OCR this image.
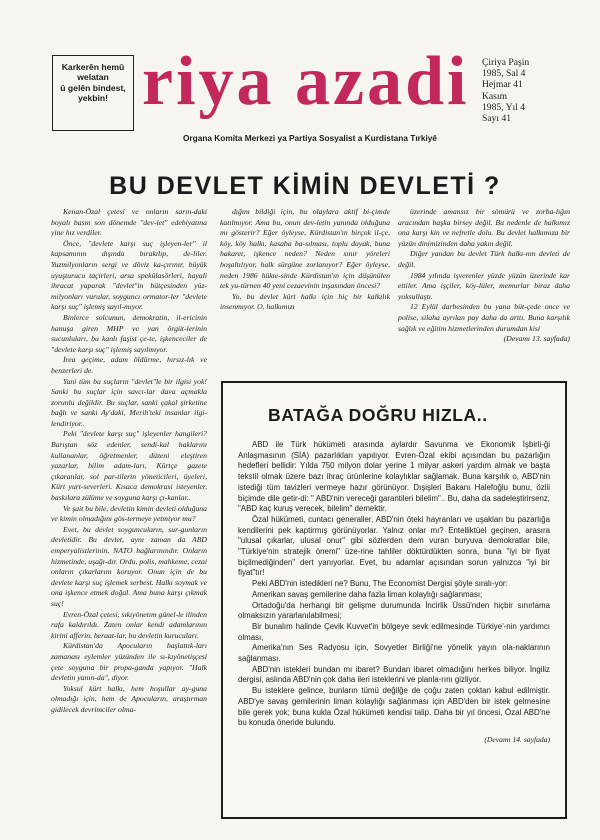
Karkerên hemû
welatan
û gelên bindest,
yekbin! riya azadi	Çiriya Paşin
1985, Sal 4
Hejmar 41
Kasım
1985, Yıl 4
Sayı 41
Organa Komita Merkezi ya Partiya Sosyalist a Kurdistana Tırkiyê
BU DEVLET KİMİN DEVLETİ ?

Kenan-Özal çetesi ve onların sarın-daki boyalı basın son dönemde "dev-let" edebiyatına yine hız verdiler.

Önce, "devlete karşı suç işleyen-ler" il kapsamının dışında bırakılıp, de-liler. Yuzmilyonların sergi ve döviz ka-çırınır, büyük uyuşturucu taçirleri, arsa spekülasörleri, hayali ihracat yaparak "devlet"in bütçesinden yüz-milyonları vurular, soyguncı ormator-ler "devlete karşı suç" işlemiş sayıl-mıyor.

Binlerce solcunun, demokratin, il-ericinin hanuşa giren MHP ve yan örgüt-lerinin sucunluları, bu kanlı faşist çe-te, işkenceciler de "devlete karşı suç" işlemiş sayılmıyor.

İrea geçime, adam öldürme, hırsız-lık ve benzerleri de.

Yani tüm bu suçların "devlet"le bir ilgisi yok! Sanki bu suçlar için savcı-lar dava açmakla zorunlu değildir. Bu suçlar, sanki çakal şirketine bağlı ve sanki Ay'daki, Merih'teki insanlar ilgi-lendiriyor..

Peki "devlete karşı suç" işleyenler hangileri? Barıştan söz edenler, sendi-kal haklarını kullananlar, öğretmenler, düzeni eleştiren yazarlar, bilim adam-ları, Kürtçe gazete çıkaranlar, sol par-tilerin yöneticileri, üyeleri, Kürt yurt-severleri. Kısaca demokrasi isteyenler, baskılara zülüme ve soyguna karşı çı-kanlar..

Ve şait bu bile, devletin kimin devleti olduğuna ve kimin olmadığını gös-termeye yetmiyor mu?

Evet, bu devlet soyguncuların, sur-gunların devletidir. Bu devlet, aynı zaman da ABD emperyalistlerinin, NATO hağlarınındır. Onların hizmetinde, uşağı-dır. Ordu, polis, mahkeme, cezai onların çıkarlarını koruyor. Onun için de bu devlete karşı suç işlemek serbest. Halkı soymak ve ona işkence etmek doğal. Ama buna karşı çıkmak suç!

Evren-Özal çetesi, sıkıyönetım günel-le ilinden rafa kaldırıldı. Zaten onlar kendi adamlarının kirini afferin, beraat-lar, bu devletin kurucuları.

Kürdistan'da Apocuların başlattık-ları zamanası eylemler yüzünden ile sı-kıyönetişçesi çete soyguna bir propa-ganda yapıyor. "Halk devletin yanın-da", diyor.

Yoksul kürt halkı, hem hoşullar ay-guna olmadığı için, hem de Apocuların, araştırman gidilecek devrimciler olma-

dığını bildiği için, bu olaylara aktif bi-çimde katılmıyor. Ama bu, onun dev-letin yanında olduğuna mı gösterir? Eğer öyleyse, Kürdistan'ın birçok il-çe, köy, köy halkı, kasaba ba-sılması, toplu dayak, buna hakaret, işkence neden? Neden sınır yöreleri boşaltılıyor, halk sürgüne zorlanıyor? Eğer öyleyse, neden 1986 hükte-sinde Kürdistan'ın için düşünülen tek yu-türnen 40 yeni cezaevinin inşasından öncesi?

Yo, bu devlet kürt halkı için hiç bir kalkılık insenmıyor. O, halkımızı

üzerinde amansız bir sömürü ve zorba-lığın aracından başka birsey değil. Bu nedenle de halkımız ona karşı kin ve nefretle dolu. Bu devlet halkımıza bir yüzün dinimizinden daha yakın değil.

Diğer yandan bu devlet Türk halkı-nın devleti de değil.

1984 yılında işverenler yüzde yüzün üzerinde kar ettiler. Ama işçiler, köy-lüler, memurlar biraz daha yoksullaştı.

12 Eylül darbesinden bu yana büt-çede once ve polise, silaha ayrılan pay daha da arttı. Buna karşılık sağlık ve eğitim hizmetlerinden durumdan kisi

(Devamı 13. sayfada)

BATAĞA DOĞRU HIZLA..

ABD ile Türk hükümeti arasında aylardır Savunma ve Ekonomik İşbirli-ği Anlaşmasının (SİA) pazarlıkları yapılıyor. Evren-Özal ekibi açısından bu pazarlığın hedefleri bellidir: Yılda 750 milyon dolar yerine 1 milyar askeri yardım almak ve başta tekstil olmak üzere bazı ihraç ürünlerine kolaylıklar sağlamak. Buna karşılık o, ABD'nin istediği tüm tavizleri vermeye hazır görünüyor. Dışişleri Bakanı Halefoğlu bunu, özlii biçimde dile getir-di: " ABD'nin vereceği garantileri bilelim".. Bu, daha da sadeleştirirsenz, "ABD kaç kuruş verecek, bilelim" demektir.

Özal hükümeti, cuntacı generaller, ABD'nin öteki hayranları ve uşakları bu pazarlığa kendilerini pek kaptirmış görünüyorlar. Yalnız onlar mı? Entelliktüel geçinen, arasıra "ulusal çıkarlar, ulusal onur" gibi sözlerden dem vuran buryuva demokratlar bile, "Türkiye'nin stratejik önemi" üze-rine tahliler döktürdükten sonra, buna "iyi bir fiyat biçilmediğinden" dert yanıyorlar. Evet, bu adamlar açısından sorun yalnızca "iyi bir fiyat"tır!

Peki ABD'nin istedikleri ne? Bunu, The Economist Dergisi şöyle sıralı-yor:

Amerikan savaş gemilerine daha fazla liman kolaylığı sağlanması;

Ortadoğu'da herhangi bir gelişme durumunda İncirlik Üssü'nden hiçbir sınırlama olmaksızın yararlanılabilmesi;

Bir bunalım halinde Çevik Kuvvet'in bölgeye sevk edilmesinde Türkiye'-nin yardımcı olması,

Amerika'nın Ses Radyosu için, Sovyetler Birliği'ne yönelik yayın ola-naklarının sağlanması.

ABD'nin istekleri bundan mı ibaret? Bundan ibaret olmadığını herkes biliyor. İngiliz dergisi, aslında ABD'nin çok daha ileri isteklerini ve planla-rını gizliyor.

Bu isteklere gelince, bunların tümü değilğe de çoğu zaten çoktan kabul edilmiştir. ABD'ye savaş gemilerinin liman kolaylığı sağlanması için ABD'den bir istek gelmesine bile gerek yok; buna kukla Özal hükümeti kendisi talip. Daha bir yıl öncesi, Özal ABD'ne bu konuda öneride bulundu.

(Devamı 14. sayfada)
